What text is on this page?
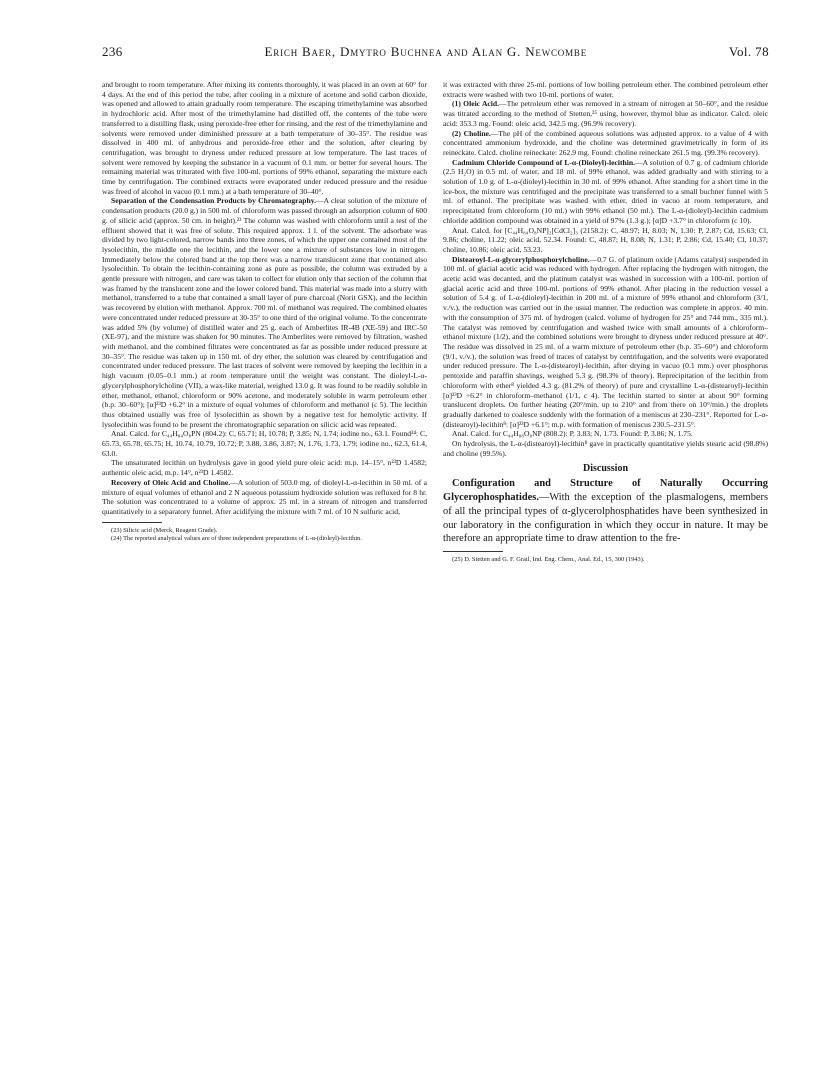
236	Erich Baer, Dmytro Buchnea and Alan G. Newcombe	Vol. 78

and brought to room temperature. After mixing its contents thoroughly, it was placed in an oven at 60° for 4 days. At the end of this period the tube, after cooling in a mixture of acetone and solid carbon dioxide, was opened and allowed to attain gradually room temperature. The escaping trimethylamine was absorbed in hydrochloric acid. After most of the trimethylamine had distilled off, the contents of the tube were transferred to a distilling flask, using peroxide-free ether for rinsing, and the rest of the trimethylamine and solvents were removed under diminished pressure at a bath temperature of 30–35°. The residue was dissolved in 400 ml. of anhydrous and peroxide-free ether and the solution, after clearing by centrifugation, was brought to dryness under reduced pressure at low temperature. The last traces of solvent were removed by keeping the substance in a vacuum of 0.1 mm. or better for several hours. The remaining material was triturated with five 100-ml. portions of 99% ethanol, separating the mixture each time by centrifugation. The combined extracts were evaporated under reduced pressure and the residue was freed of alcohol in vacuo (0.1 mm.) at a bath temperature of 30–40°.

Separation of the Condensation Products by Chromatography.—A clear solution of the mixture of condensation products (20.0 g.) in 500 ml. of chloroform was passed through an adsorption column of 600 g. of silicic acid (approx. 50 cm. in height).²³ The column was washed with chloroform until a test of the effluent showed that it was free of solute. This required approx. 1 l. of the solvent. The adsorbate was divided by two light-colored, narrow bands into three zones, of which the upper one contained most of the lysolecithin, the middle one the lecithin, and the lower one a mixture of substances low in nitrogen. Immediately below the colored band at the top there was a narrow translucent zone that contained also lysolecithin. To obtain the lecithin-containing zone as pure as possible, the column was extruded by a gentle pressure with nitrogen, and care was taken to collect for elution only that section of the column that was framed by the translucent zone and the lower colored band. This material was made into a slurry with methanol, transferred to a tube that contained a small layer of pure charcoal (Norit GSX), and the lecithin was recovered by elution with methanol. Approx. 700 ml. of methanol was required. The combined eluates were concentrated under reduced pressure at 30-35° to one third of the original volume. To the concentrate was added 5% (by volume) of distilled water and 25 g. each of Amberlites IR-4B (XE-59) and IRC-50 (XE-97), and the mixture was shaken for 90 minutes. The Amberlites were removed by filtration, washed with methanol, and the combined filtrates were concentrated as far as possible under reduced pressure at 30–35°. The residue was taken up in 150 ml. of dry ether, the solution was cleared by centrifugation and concentrated under reduced pressure. The last traces of solvent were removed by keeping the lecithin in a high vacuum (0.05–0.1 mm.) at room temperature until the weight was constant. The dioleyl-L-α-glycerylphosphorylcholine (VII), a wax-like material, weighed 13.0 g. It was found to be readily soluble in ether, methanol, ethanol, chloroform or 90% acetone, and moderately soluble in warm petroleum ether (b.p. 30–60°); [α]²³D +6.2° in a mixture of equal volumes of chloroform and methanol (c 5). The lecithin thus obtained usually was free of lysolecithin as shown by a negative test for hemolytic activity. If lysolecithin was found to be present the chromatographic separation on silicic acid was repeated.

Anal. Calcd. for C₄₄H₈₄O₈PN (804.2): C, 65.71; H, 10.78; P, 3.85; N, 1.74; iodine no., 63.1. Found²⁴: C, 65.73, 65.78, 65.75; H, 10.74, 10.79, 10.72; P, 3.88, 3.86, 3.87; N, 1.76, 1.73, 1.79; iodine no., 62.3, 61.4, 63.0.

The unsaturated lecithin on hydrolysis gave in good yield pure oleic acid: m.p. 14–15°, n²³D 1.4582; authentic oleic acid, m.p. 14°, n²³D 1.4582.

Recovery of Oleic Acid and Choline.—A solution of 503.0 mg. of dioleyl-L-α-lecithin in 50 ml. of a mixture of equal volumes of ethanol and 2 N aqueous potassium hydroxide solution was refluxed for 8 hr. The solution was concentrated to a volume of approx. 25 ml. in a stream of nitrogen and transferred quantitatively to a separatory funnel. After acidifying the mixture with 7 ml. of 10 N sulfuric acid,

(23) Silicic acid (Merck, Reagent Grade).

(24) The reported analytical values are of three independent preparations of L-α-(dioleyl)-lecithin.

it was extracted with three 25-ml. portions of low boiling petroleum ether. The combined petroleum ether extracts were washed with two 10-ml. portions of water.

(1) Oleic Acid.—The petroleum ether was removed in a stream of nitrogen at 50–60°, and the residue was titrated according to the method of Stetten,²⁵ using, however, thymol blue as indicator. Calcd. oleic acid: 353.3 mg. Found: oleic acid, 342.5 mg. (96.9% recovery).

(2) Choline.—The pH of the combined aqueous solutions was adjusted approx. to a value of 4 with concentrated ammonium hydroxide, and the choline was determined gravimetrically in form of its reineckate. Calcd. choline reineckate: 262.9 mg. Found: choline reineckate 261.5 mg. (99.3% recovery).

Cadmium Chloride Compound of L-α-(Dioleyl)-lecithin.—A solution of 0.7 g. of cadmium chloride (2.5 H₂O) in 0.5 ml. of water, and 18 ml. of 99% ethanol, was added gradually and with stirring to a solution of 1.0 g. of L-α-(dioleyl)-lecithin in 30 ml. of 99% ethanol. After standing for a short time in the ice-box, the mixture was centrifuged and the precipitate was transferred to a small buchner funnel with 5 ml. of ethanol. The precipitate was washed with ether, dried in vacuo at room temperature, and reprecipitated from chloroform (10 ml.) with 99% ethanol (50 ml.). The L-α-(dioleyl)-lecithin cadmium chloride addition compound was obtained in a yield of 97% (1.3 g.); [α]D +3.7° in chloroform (c 10).

Anal. Calcd. for [C₄₄H₈₄O₈NP]₂[CdCl₂]₃ (2158.2): C, 48.97; H, 8.03; N, 1.30: P, 2.87; Cd, 15.63; Cl, 9.86; choline, 11.22; oleic acid, 52.34. Found: C, 48.87; H, 8.08; N, 1.31; P, 2.86; Cd, 15.40; Cl, 10.37; choline, 10.86; oleic acid, 53.23.

Distearoyl-L-α-glycerylphosphorylcholine.—0.7 G. of platinum oxide (Adams catalyst) suspended in 100 ml. of glacial acetic acid was reduced with hydrogen. After replacing the hydrogen with nitrogen, the acetic acid was decanted, and the platinum catalyst was washed in succession with a 100-ml. portion of glacial acetic acid and three 100-ml. portions of 99% ethanol. After placing in the reduction vessel a solution of 5.4 g. of L-α-(dioleyl)-lecithin in 200 ml. of a mixture of 99% ethanol and chloroform (3/1, v./v.), the reduction was carried out in the usual manner. The reduction was complete in approx. 40 min. with the consumption of 375 ml. of hydrogen (calcd. volume of hydrogen for 25° and 744 mm., 335 ml.). The catalyst was removed by centrifugation and washed twice with small amounts of a chloroform–ethanol mixture (1/2), and the combined solutions were brought to dryness under reduced pressure at 40°. The residue was dissolved in 25 ml. of a warm mixture of petroleum ether (b.p. 35–60°) and chloroform (9/1, v./v.), the solution was freed of traces of catalyst by centrifugation, and the solvents were evaporated under reduced pressure. The L-α-(distearoyl)-lecithin, after drying in vacuo (0.1 mm.) over phosphorus pentoxide and paraffin shavings, weighed 5.3 g. (98.3% of theory). Reprecipitation of the lecithin from chloroform with ether⁸ yielded 4.3 g. (81.2% of theory) of pure and crystalline L-α-(distearoyl)-lecithin [α]²³D +6.2° in chloroform–methanol (1/1, c 4). The lecithin started to sinter at about 90° forming translucent droplets. On further heating (20°/min. up to 210° and from there on 10°/min.) the droplets gradually darkened to coalesce suddenly with the formation of a meniscus at 230–231°. Reported for L-α-(distearoyl)-lecithin⁸: [α]²³D +6.1°; m.p. with formation of meniscus 230.5–231.5°.

Anal. Calcd. for C₄₄H₈₈O₈NP (808.2): P, 3.83; N, 1.73. Found: P, 3.86; N, 1.75.

On hydrolysis, the L-α-(distearoyl)-lecithin⁸ gave in practically quantitative yields stearic acid (98.8%) and choline (99.5%).

Discussion

Configuration and Structure of Naturally Occurring Glycerophosphatides.—With the exception of the plasmalogens, members of all the principal types of α-glycerolphosphatides have been synthesized in our laboratory in the configuration in which they occur in nature. It may be therefore an appropriate time to draw attention to the fre-

(25) D. Stetten and G. F. Grail, Ind. Eng. Chem., Anal. Ed., 15, 300 (1943).
